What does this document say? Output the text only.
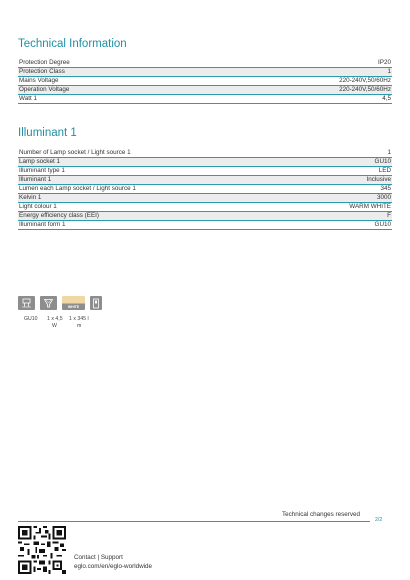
Technical Information
Protection Degree	IP20
Protection Class	1
Mains Voltage	220-240V,50/60Hz
Operation Voltage	220-240V,50/60Hz
Watt 1	4,5
Illuminant 1
Number of Lamp socket / Light source 1	1
Lamp socket 1	GU10
Illuminant type 1	LED
Illuminant 1	Inclusive
Lumen each Lamp socket / Light source 1	345
Kelvin 1	3000
Light colour 1	WARM WHITE
Energy efficiency class (EEI)	F
Illuminant form 1	GU10
WHITE
GU10 1 x 4,5
W
1 x 345 l
m
Technical changes reserved
2/2
Contact | Support
eglo.com/en/eglo-worldwide
